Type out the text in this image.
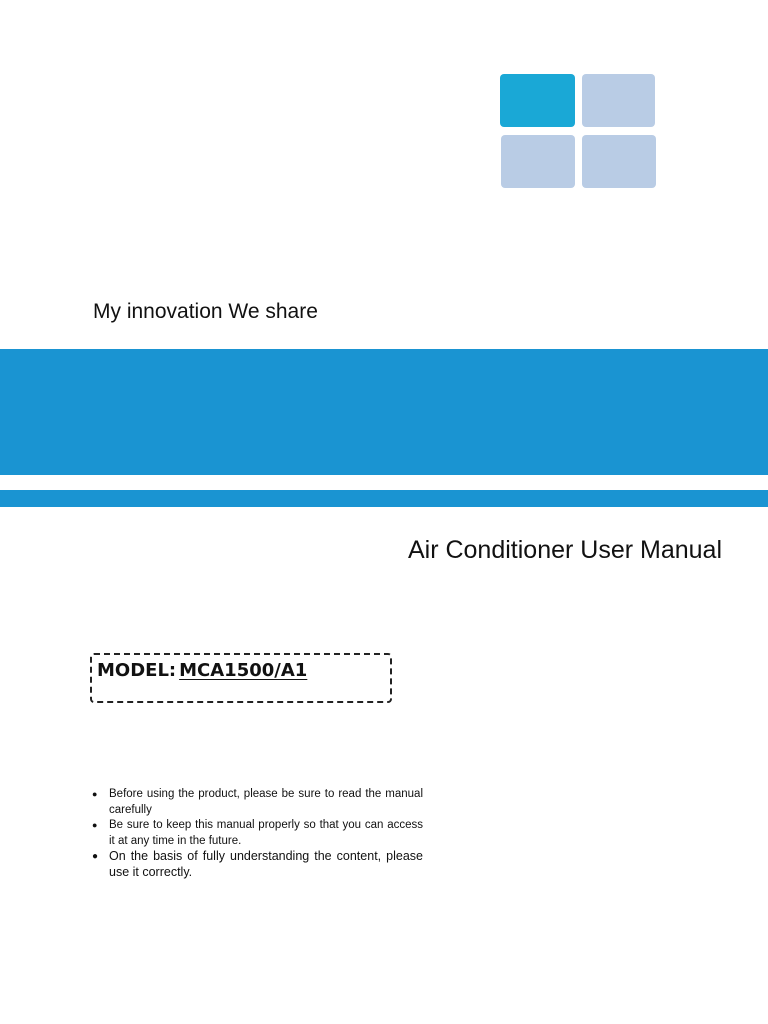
My innovation We share
Air Conditioner User Manual
MODEL: MCA1500/A1

● Before using the product, please be sure to read the manual carefully

● Be sure to keep this manual properly so that you can access it at any time in the future.

● On the basis of fully understanding the content, please use it correctly.
